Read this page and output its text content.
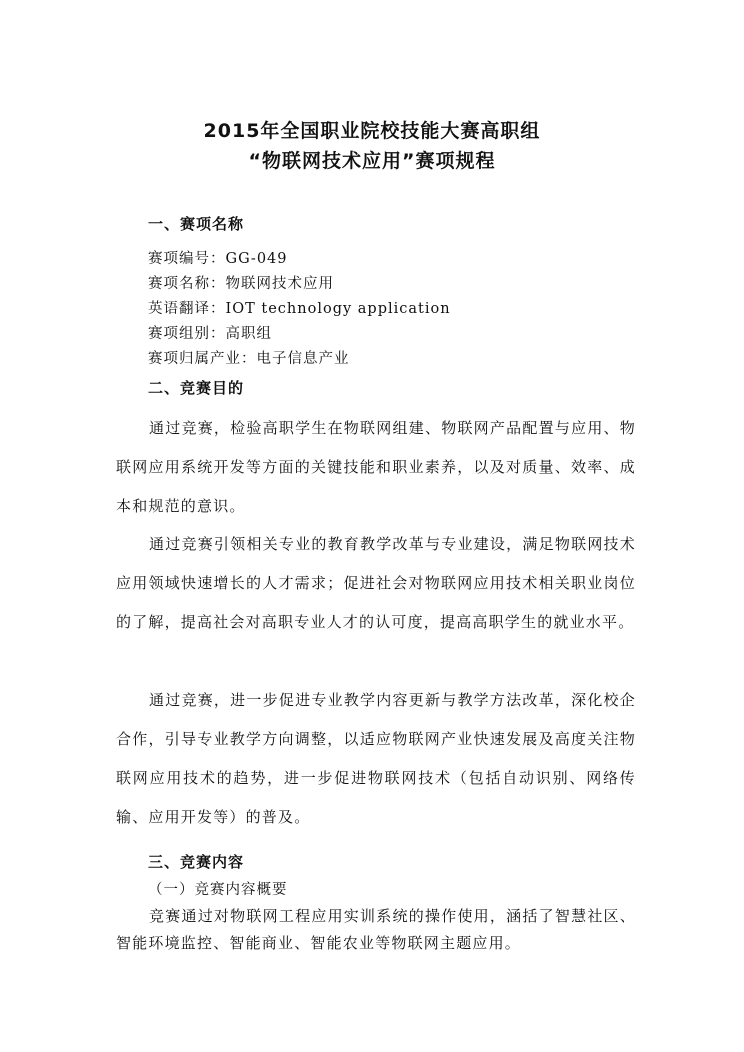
2015年全国职业院校技能大赛高职组
“物联网技术应用”赛项规程
一、赛项名称
赛项编号：GG-049
赛项名称：物联网技术应用
英语翻译：IOT technology application
赛项组别：高职组
赛项归属产业：电子信息产业
二、竞赛目的
通过竞赛，检验高职学生在物联网组建、物联网产品配置与应用、物联网应用系统开发等方面的关键技能和职业素养，以及对质量、效率、成本和规范的意识。
通过竞赛引领相关专业的教育教学改革与专业建设，满足物联网技术应用领域快速增长的人才需求；促进社会对物联网应用技术相关职业岗位的了解，提高社会对高职专业人才的认可度，提高高职学生的就业水平。
通过竞赛，进一步促进专业教学内容更新与教学方法改革，深化校企合作，引导专业教学方向调整，以适应物联网产业快速发展及高度关注物联网应用技术的趋势，进一步促进物联网技术（包括自动识别、网络传输、应用开发等）的普及。
三、竞赛内容
（一）竞赛内容概要
竞赛通过对物联网工程应用实训系统的操作使用，涵括了智慧社区、智能环境监控、智能商业、智能农业等物联网主题应用。
